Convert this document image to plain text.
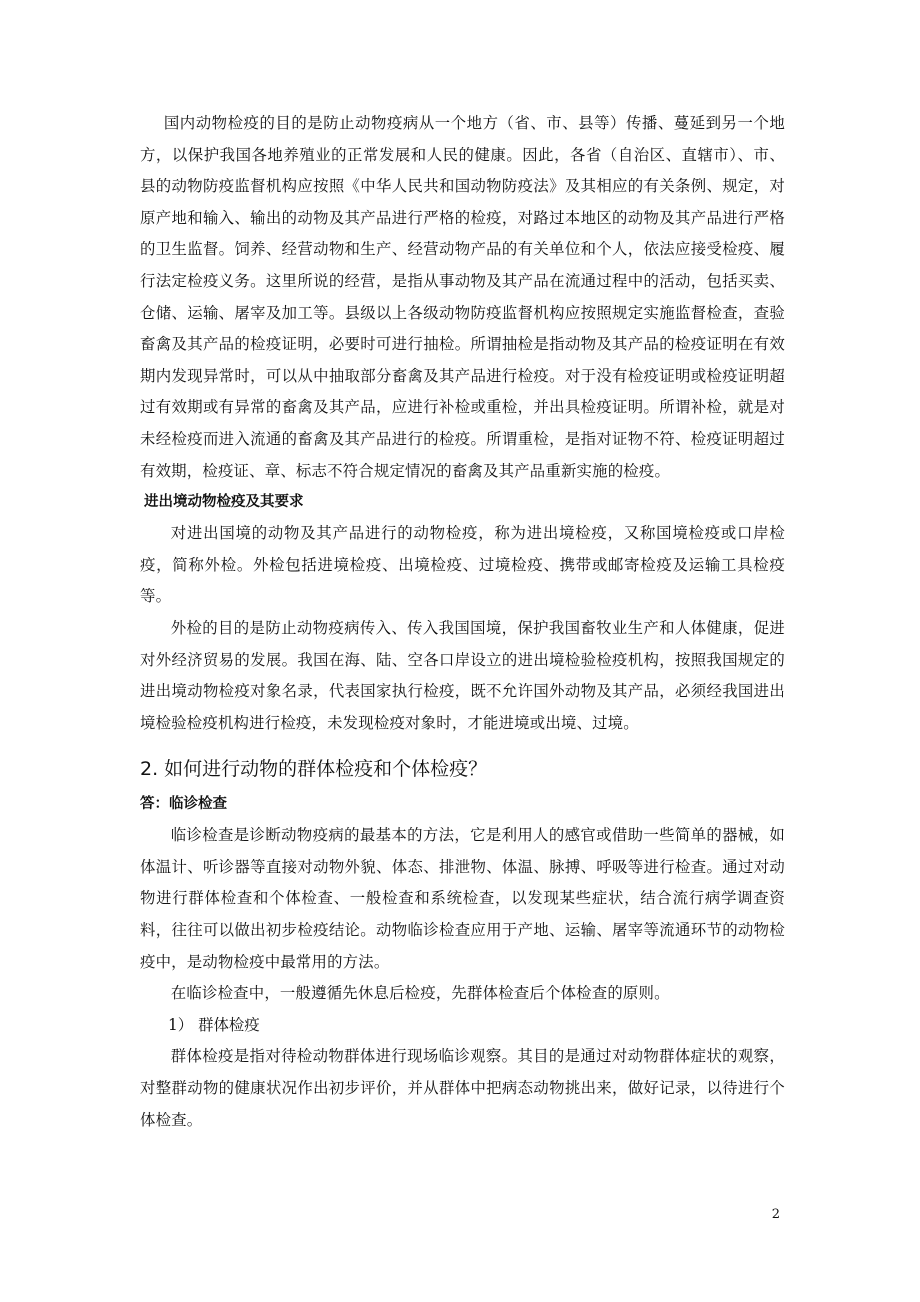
国内动物检疫的目的是防止动物疫病从一个地方（省、市、县等）传播、蔓延到另一个地方，以保护我国各地养殖业的正常发展和人民的健康。因此，各省（自治区、直辖市）、市、县的动物防疫监督机构应按照《中华人民共和国动物防疫法》及其相应的有关条例、规定，对原产地和输入、输出的动物及其产品进行严格的检疫，对路过本地区的动物及其产品进行严格的卫生监督。饲养、经营动物和生产、经营动物产品的有关单位和个人，依法应接受检疫、履行法定检疫义务。这里所说的经营，是指从事动物及其产品在流通过程中的活动，包括买卖、仓储、运输、屠宰及加工等。县级以上各级动物防疫监督机构应按照规定实施监督检查，查验畜禽及其产品的检疫证明，必要时可进行抽检。所谓抽检是指动物及其产品的检疫证明在有效期内发现异常时，可以从中抽取部分畜禽及其产品进行检疫。对于没有检疫证明或检疫证明超过有效期或有异常的畜禽及其产品，应进行补检或重检，并出具检疫证明。所谓补检，就是对未经检疫而进入流通的畜禽及其产品进行的检疫。所谓重检，是指对证物不符、检疫证明超过有效期，检疫证、章、标志不符合规定情况的畜禽及其产品重新实施的检疫。

进出境动物检疫及其要求

对进出国境的动物及其产品进行的动物检疫，称为进出境检疫，又称国境检疫或口岸检疫，简称外检。外检包括进境检疫、出境检疫、过境检疫、携带或邮寄检疫及运输工具检疫等。

外检的目的是防止动物疫病传入、传入我国国境，保护我国畜牧业生产和人体健康，促进对外经济贸易的发展。我国在海、陆、空各口岸设立的进出境检验检疫机构，按照我国规定的进出境动物检疫对象名录，代表国家执行检疫，既不允许国外动物及其产品，必须经我国进出境检验检疫机构进行检疫，未发现检疫对象时，才能进境或出境、过境。

2. 如何进行动物的群体检疫和个体检疫？
答：临诊检查

临诊检查是诊断动物疫病的最基本的方法，它是利用人的感官或借助一些简单的器械，如体温计、听诊器等直接对动物外貌、体态、排泄物、体温、脉搏、呼吸等进行检查。通过对动物进行群体检查和个体检查、一般检查和系统检查，以发现某些症状，结合流行病学调查资料，往往可以做出初步检疫结论。动物临诊检查应用于产地、运输、屠宰等流通环节的动物检疫中，是动物检疫中最常用的方法。

在临诊检查中，一般遵循先休息后检疫，先群体检查后个体检查的原则。

1） 群体检疫

群体检疫是指对待检动物群体进行现场临诊观察。其目的是通过对动物群体症状的观察，对整群动物的健康状况作出初步评价，并从群体中把病态动物挑出来，做好记录，以待进行个体检查。

2
